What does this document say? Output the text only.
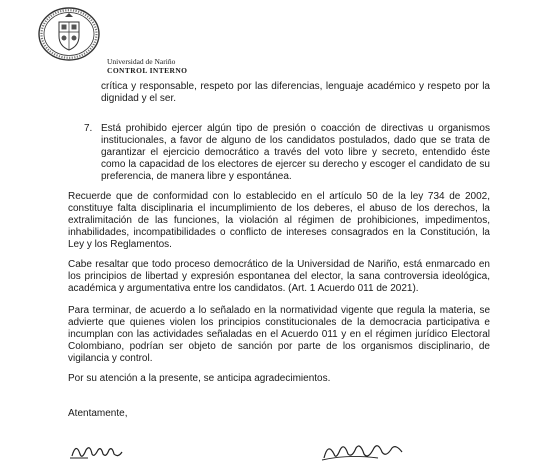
Universidad de Nariño
CONTROL INTERNO

crítica y responsable, respeto por las diferencias, lenguaje académico y respeto por la dignidad y el ser.

7. Está prohibido ejercer algún tipo de presión o coacción de directivas u organismos institucionales, a favor de alguno de los candidatos postulados, dado que se trata de garantizar el ejercicio democrático a través del voto libre y secreto, entendido éste como la capacidad de los electores de ejercer su derecho y escoger el candidato de su preferencia, de manera libre y espontánea.

Recuerde que de conformidad con lo establecido en el artículo 50 de la ley 734 de 2002, constituye falta disciplinaria el incumplimiento de los deberes, el abuso de los derechos, la extralimitación de las funciones, la violación al régimen de prohibiciones, impedimentos, inhabilidades, incompatibilidades o conflicto de intereses consagrados en la Constitución, la Ley y los Reglamentos.

Cabe resaltar que todo proceso democrático de la Universidad de Nariño, está enmarcado en los principios de libertad y expresión espontanea del elector, la sana controversia ideológica, académica y argumentativa entre los candidatos. (Art. 1 Acuerdo 011 de 2021).

Para terminar, de acuerdo a lo señalado en la normatividad vigente que regula la materia, se advierte que quienes violen los principios constitucionales de la democracia participativa e incumplan con las actividades señaladas en el Acuerdo 011 y en el régimen jurídico Electoral Colombiano, podrían ser objeto de sanción por parte de los organismos disciplinario, de vigilancia y control.

Por su atención a la presente, se anticipa agradecimientos.

Atentamente,
